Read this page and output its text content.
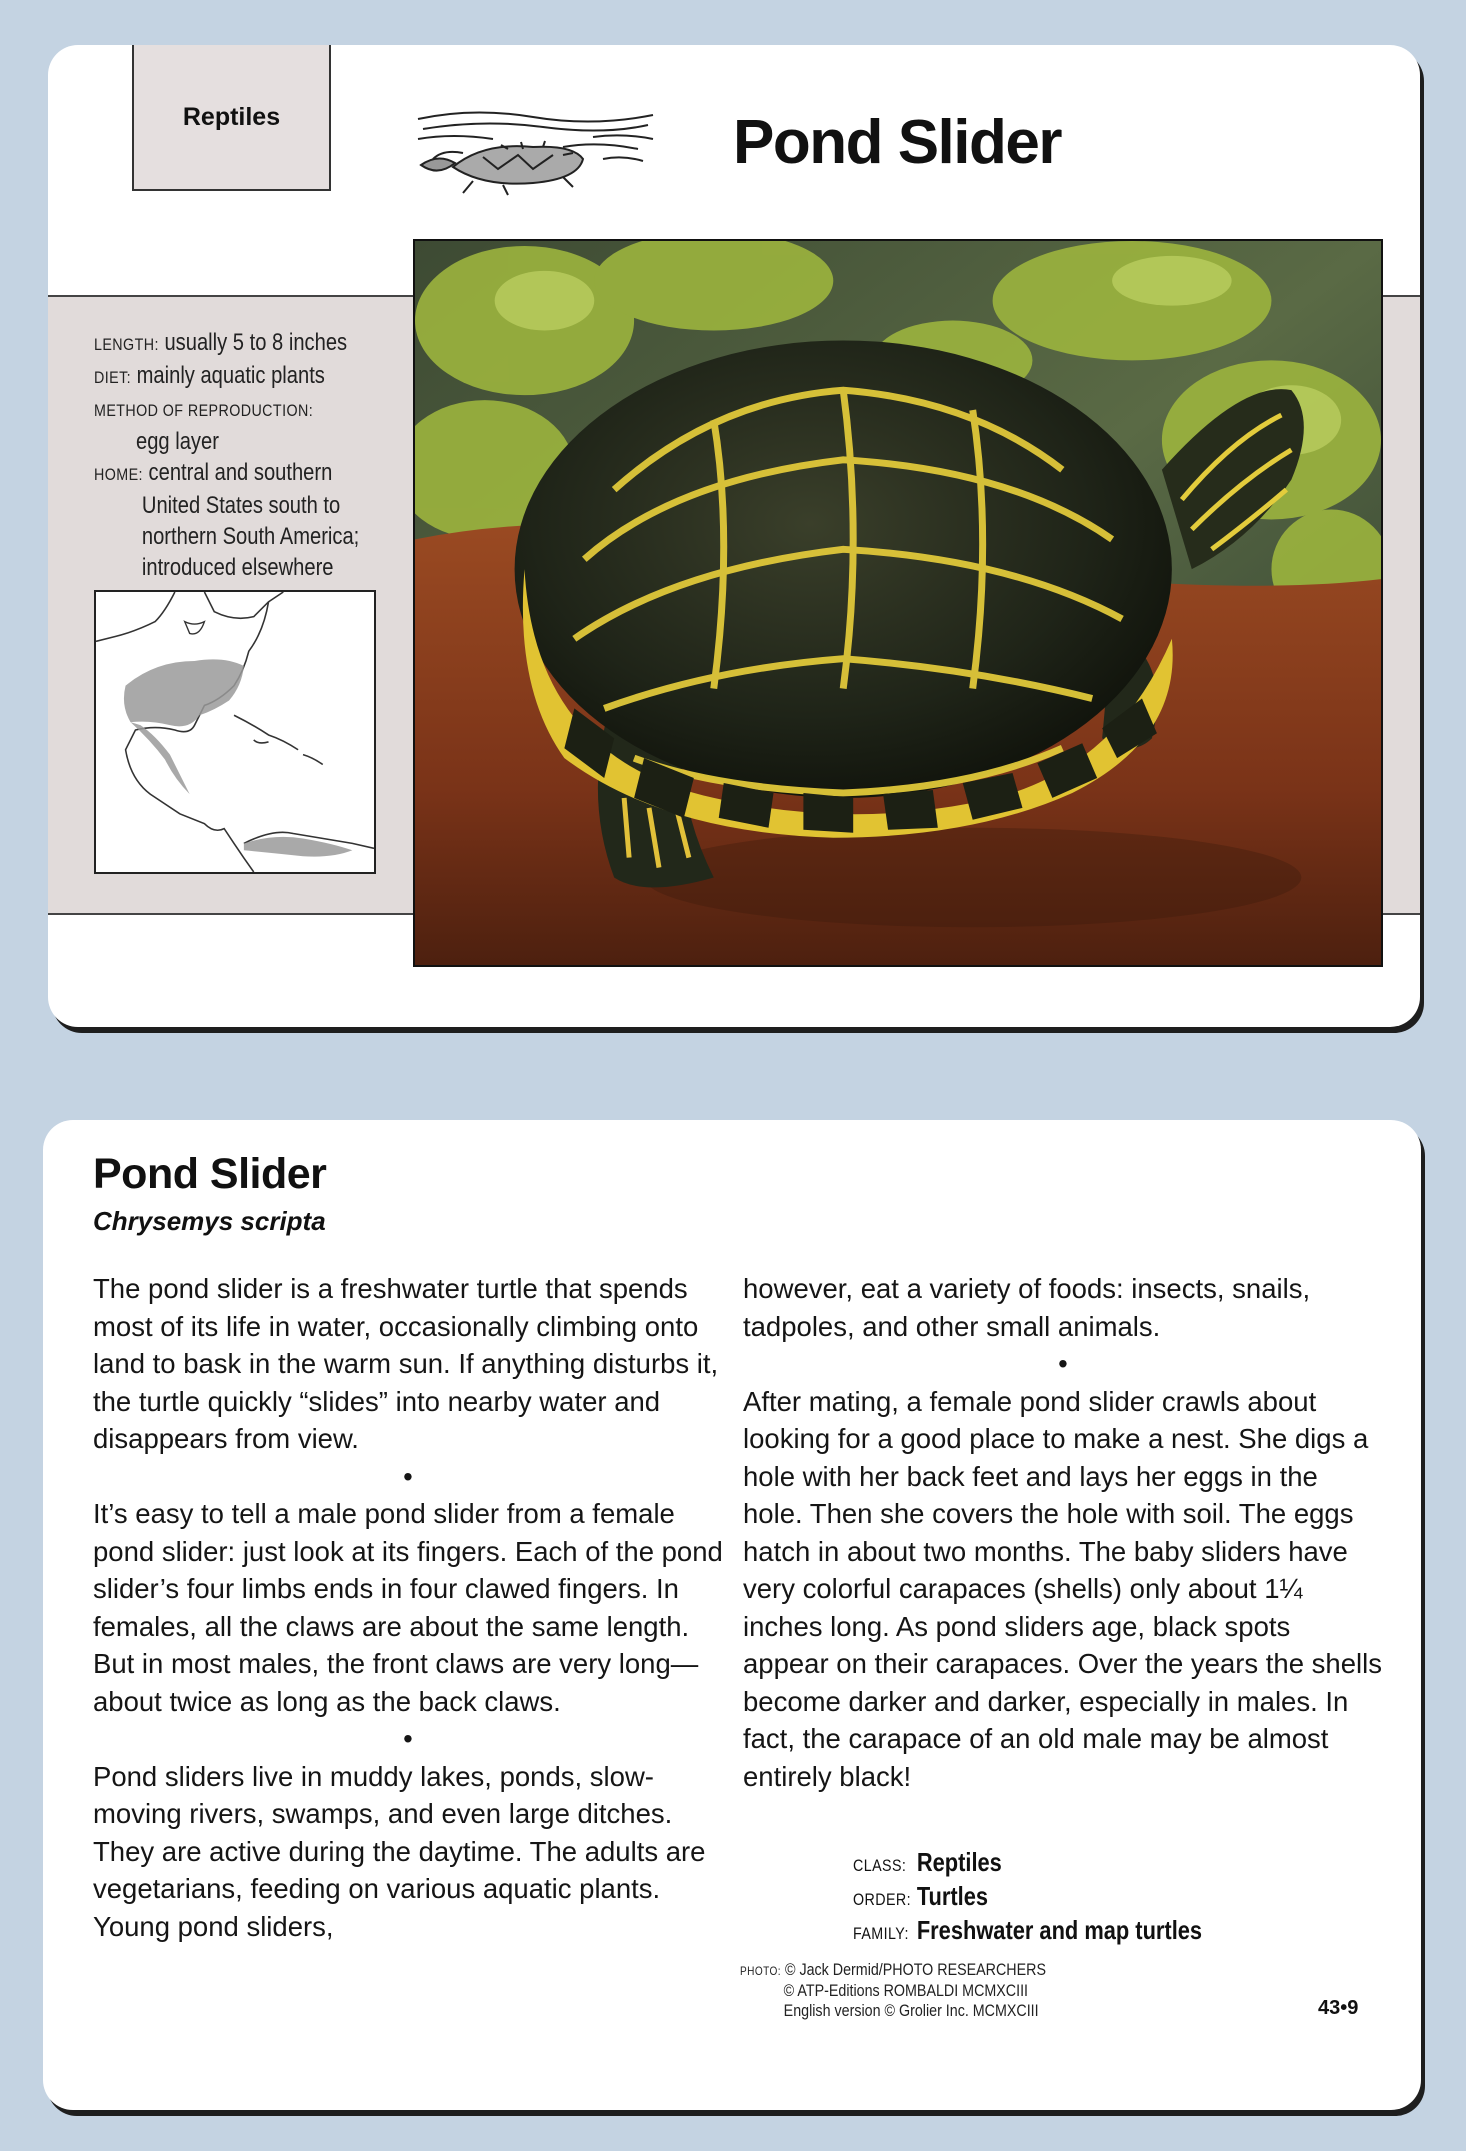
Reptiles	Pond Slider
LENGTH: usually 5 to 8 inches
DIET: mainly aquatic plants
METHOD OF REPRODUCTION:
egg layer
HOME: central and southern
United States south to
northern South America;
introduced elsewhere
Pond Slider
Chrysemys scripta

The pond slider is a freshwater turtle that spends most of its life in water, occasionally climbing onto land to bask in the warm sun. If anything disturbs it, the turtle quickly “slides” into nearby water and disappears from view.

•

It’s easy to tell a male pond slider from a female pond slider: just look at its fingers. Each of the pond slider’s four limbs ends in four clawed fingers. In females, all the claws are about the same length. But in most males, the front claws are very long—about twice as long as the back claws.

•

Pond sliders live in muddy lakes, ponds, slow-moving rivers, swamps, and even large ditches. They are active during the daytime. The adults are vegetarians, feeding on various aquatic plants. Young pond sliders,

however, eat a variety of foods: insects, snails, tadpoles, and other small animals.

•

After mating, a female pond slider crawls about looking for a good place to make a nest. She digs a hole with her back feet and lays her eggs in the hole. Then she covers the hole with soil. The eggs hatch in about two months. The baby sliders have very colorful carapaces (shells) only about 1¼ inches long. As pond sliders age, black spots appear on their carapaces. Over the years the shells become darker and darker, especially in males. In fact, the carapace of an old male may be almost entirely black!

CLASS: Reptiles
ORDER: Turtles
FAMILY: Freshwater and map turtles
PHOTO: © Jack Dermid/PHOTO RESEARCHERS
© ATP-Editions ROMBALDI MCMXCIII
English version © Grolier Inc. MCMXCIII	43•9
